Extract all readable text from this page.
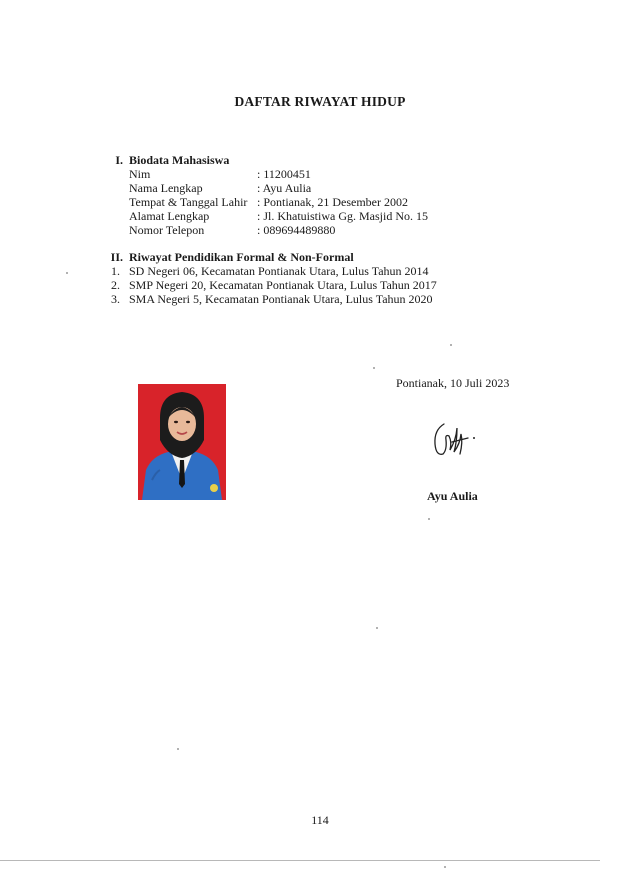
DAFTAR RIWAYAT HIDUP
I. Biodata Mahasiswa
Nim	: 11200451
Nama Lengkap	: Ayu Aulia
Tempat & Tanggal Lahir : Pontianak, 21 Desember 2002
Alamat Lengkap	: Jl. Khatuistiwa Gg. Masjid No. 15
Nomor Telepon	: 089694489880
II. Riwayat Pendidikan Formal & Non-Formal
1. SD Negeri 06, Kecamatan Pontianak Utara, Lulus Tahun 2014
2. SMP Negeri 20, Kecamatan Pontianak Utara, Lulus Tahun 2017
3. SMA Negeri 5, Kecamatan Pontianak Utara, Lulus Tahun 2020
Pontianak, 10 Juli 2023
Ayu Aulia
114
